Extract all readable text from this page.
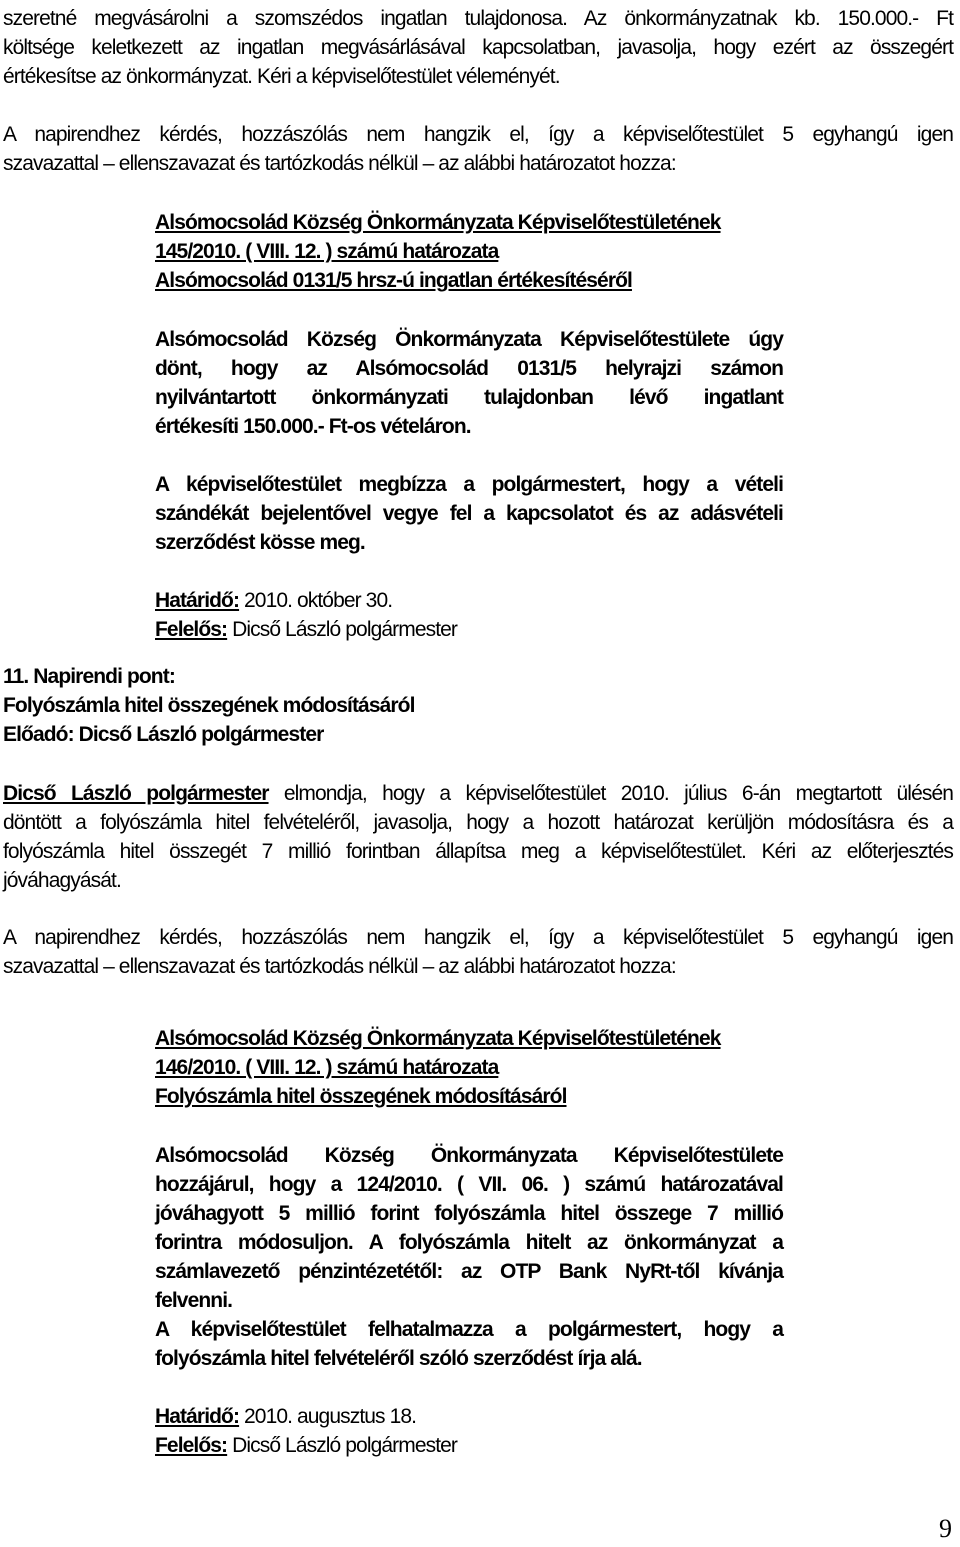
szeretné megvásárolni a szomszédos ingatlan tulajdonosa. Az önkormányzatnak kb. 150.000.- Ft
költsége keletkezett az ingatlan megvásárlásával kapcsolatban, javasolja, hogy ezért az összegért
értékesítse az önkormányzat. Kéri a képviselőtestület véleményét.
A napirendhez kérdés, hozzászólás nem hangzik el, így a képviselőtestület 5 egyhangú igen
szavazattal – ellenszavazat és tartózkodás nélkül – az alábbi határozatot hozza:
Alsómocsolád Község Önkormányzata Képviselőtestületének
145/2010. ( VIII. 12. ) számú határozata
Alsómocsolád 0131/5 hrsz-ú ingatlan értékesítéséről
Alsómocsolád Község Önkormányzata Képviselőtestülete úgy
dönt, hogy az Alsómocsolád 0131/5 helyrajzi számon
nyilvántartott önkormányzati tulajdonban lévő ingatlant
értékesíti 150.000.- Ft-os vételáron.
A képviselőtestület megbízza a polgármestert, hogy a vételi
szándékát bejelentővel vegye fel a kapcsolatot és az adásvételi
szerződést kösse meg.
Határidő: 2010. október 30.
Felelős: Dicső László polgármester
11. Napirendi pont:
Folyószámla hitel összegének módosításáról
Előadó: Dicső László polgármester
Dicső László polgármester elmondja, hogy a képviselőtestület 2010. július 6-án megtartott ülésén
döntött a folyószámla hitel felvételéről, javasolja, hogy a hozott határozat kerüljön módosításra és a
folyószámla hitel összegét 7 millió forintban állapítsa meg a képviselőtestület. Kéri az előterjesztés
jóváhagyását.
A napirendhez kérdés, hozzászólás nem hangzik el, így a képviselőtestület 5 egyhangú igen
szavazattal – ellenszavazat és tartózkodás nélkül – az alábbi határozatot hozza:
Alsómocsolád Község Önkormányzata Képviselőtestületének
146/2010. ( VIII. 12. ) számú határozata
Folyószámla hitel összegének módosításáról
Alsómocsolád Község Önkormányzata Képviselőtestülete
hozzájárul, hogy a 124/2010. ( VII. 06. ) számú határozatával
jóváhagyott 5 millió forint folyószámla hitel összege 7 millió
forintra módosuljon. A folyószámla hitelt az önkormányzat a
számlavezető pénzintézetétől: az OTP Bank NyRt-től kívánja
felvenni.
A képviselőtestület felhatalmazza a polgármestert, hogy a
folyószámla hitel felvételéről szóló szerződést írja alá.
Határidő: 2010. augusztus 18.
Felelős: Dicső László polgármester
9
